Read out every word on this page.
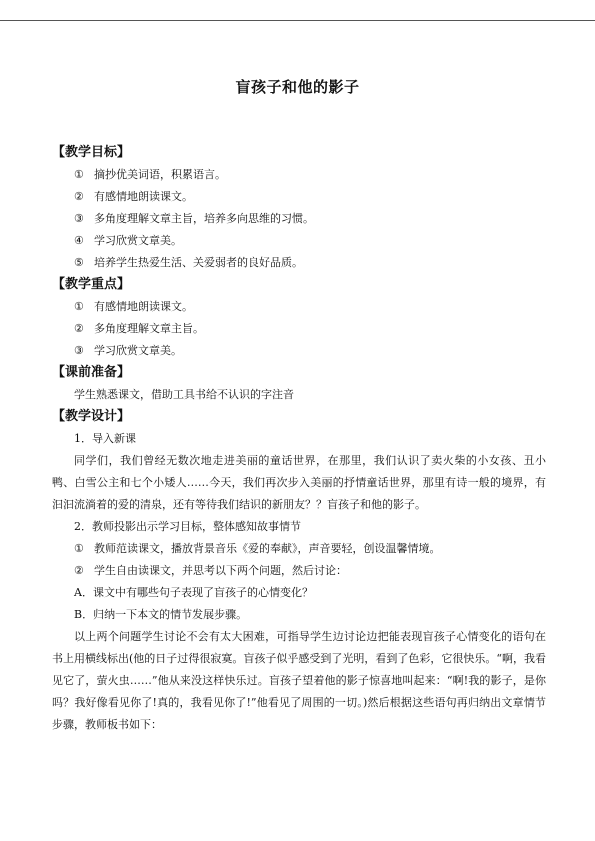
盲孩子和他的影子
【教学目标】
① 摘抄优美词语，积累语言。
② 有感情地朗读课文。
③ 多角度理解文章主旨，培养多向思维的习惯。
④ 学习欣赏文章美。
⑤ 培养学生热爱生活、关爱弱者的良好品质。
【教学重点】
① 有感情地朗读课文。
② 多角度理解文章主旨。
③ 学习欣赏文章美。
【课前准备】
学生熟悉课文，借助工具书给不认识的字注音
【教学设计】
1．导入新课
同学们，我们曾经无数次地走进美丽的童话世界，在那里，我们认识了卖火柴的小女孩、丑小鸭、白雪公主和七个小矮人……今天，我们再次步入美丽的抒情童话世界，那里有诗一般的境界，有汩汩流淌着的爱的清泉，还有等待我们结识的新朋友？？盲孩子和他的影子。
2．教师投影出示学习目标，整体感知故事情节
① 教师范读课文，播放背景音乐《爱的奉献》，声音要轻，创设温馨情境。
② 学生自由读课文，并思考以下两个问题，然后讨论：
A．课文中有哪些句子表现了盲孩子的心情变化？
B．归纳一下本文的情节发展步骤。
以上两个问题学生讨论不会有太大困难，可指导学生边讨论边把能表现盲孩子心情变化的语句在书上用横线标出(他的日子过得很寂寞。盲孩子似乎感受到了光明，看到了色彩，它很快乐。“啊，我看见它了，萤火虫……”他从来没这样快乐过。盲孩子望着他的影子惊喜地叫起来：“啊!我的影子，是你吗？我好像看见你了!真的，我看见你了!”他看见了周围的一切。)然后根据这些语句再归纳出文章情节步骤，教师板书如下：
